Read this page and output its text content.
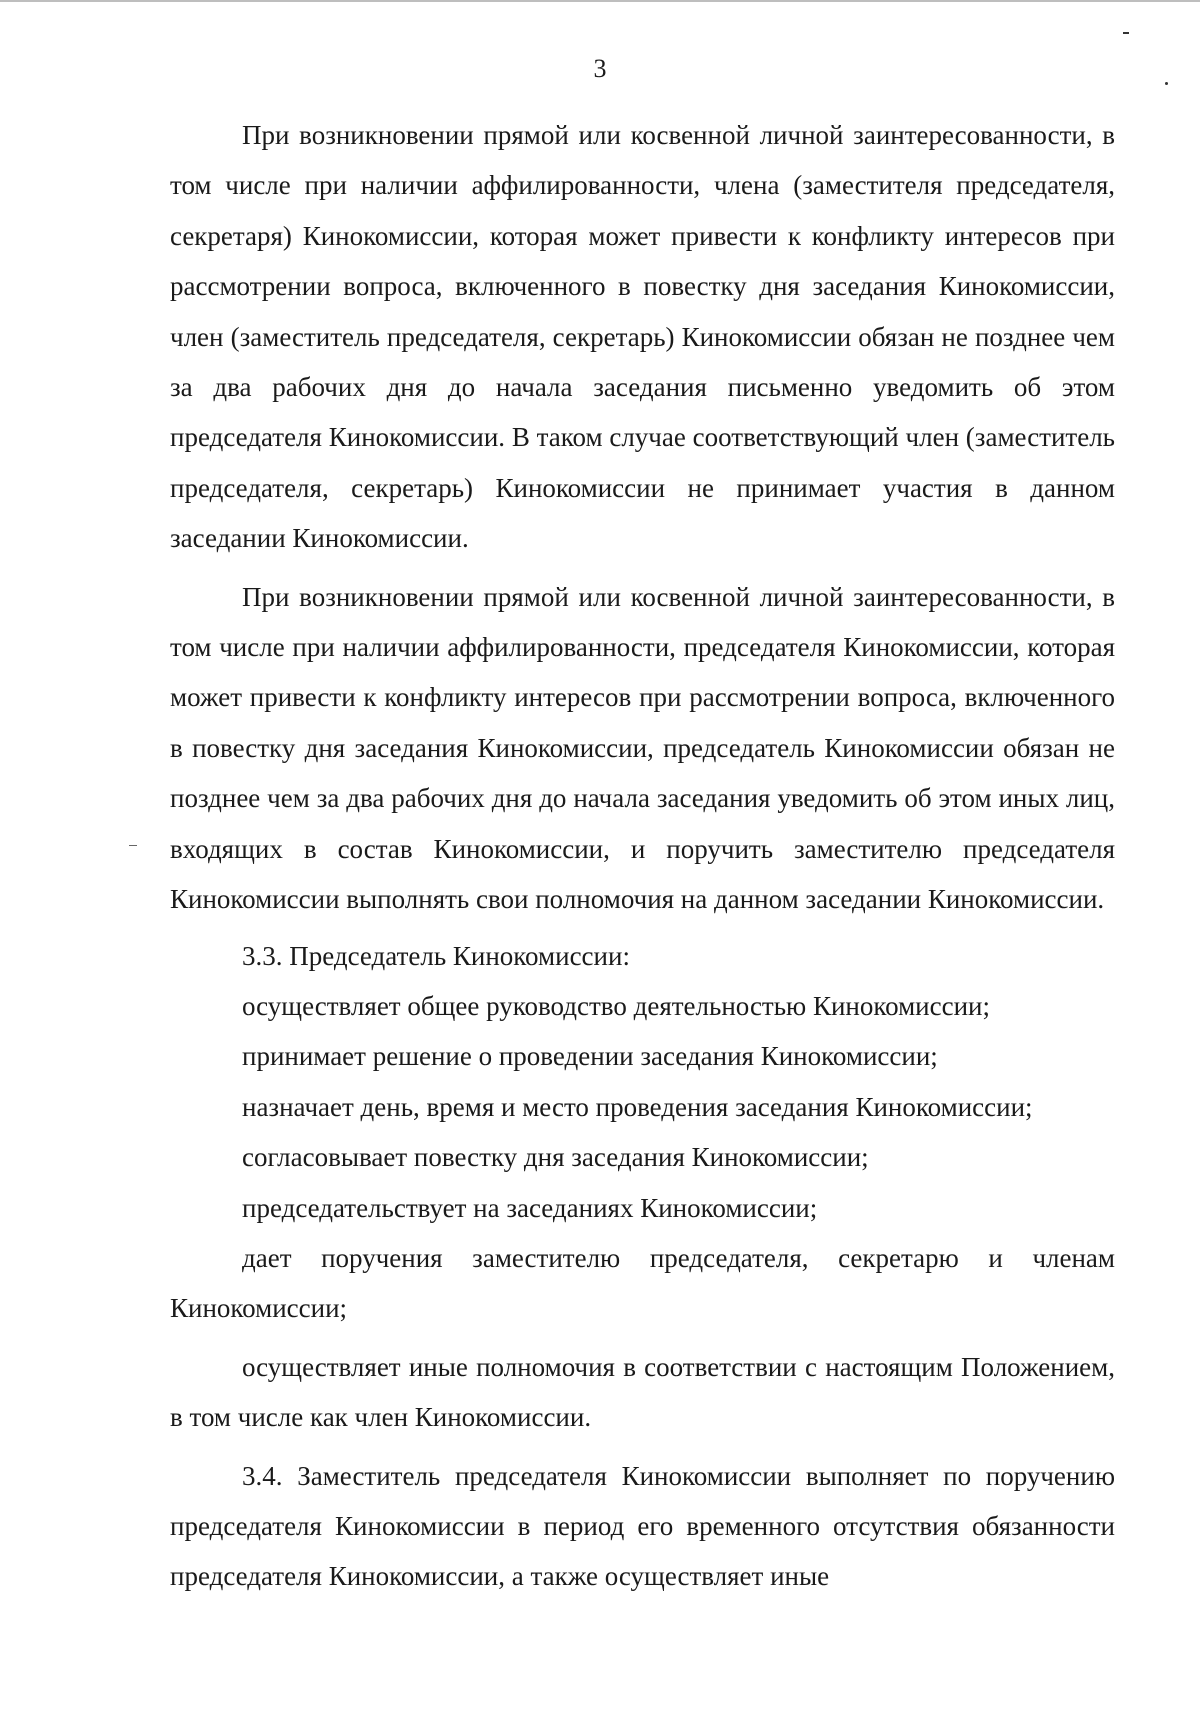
3

При возникновении прямой или косвенной личной заинтересованности, в том числе при наличии аффилированности, члена (заместителя председателя, секретаря) Кинокомиссии, которая может привести к конфликту интересов при рассмотрении вопроса, включенного в повестку дня заседания Кинокомиссии, член (заместитель председателя, секретарь) Кинокомиссии обязан не позднее чем за два рабочих дня до начала заседания письменно уведомить об этом председателя Кинокомиссии. В таком случае соответствующий член (заместитель председателя, секретарь) Кинокомиссии не принимает участия в данном заседании Кинокомиссии.

При возникновении прямой или косвенной личной заинтересованности, в том числе при наличии аффилированности, председателя Кинокомиссии, которая может привести к конфликту интересов при рассмотрении вопроса, включенного в повестку дня заседания Кинокомиссии, председатель Кинокомиссии обязан не позднее чем за два рабочих дня до начала заседания уведомить об этом иных лиц, входящих в состав Кинокомиссии, и поручить заместителю председателя Кинокомиссии выполнять свои полномочия на данном заседании Кинокомиссии.

3.3. Председатель Кинокомиссии:

осуществляет общее руководство деятельностью Кинокомиссии;
принимает решение о проведении заседания Кинокомиссии;
назначает день, время и место проведения заседания Кинокомиссии;
согласовывает повестку дня заседания Кинокомиссии;
председательствует на заседаниях Кинокомиссии;
дает поручения заместителю председателя, секретарю и членам Кинокомиссии;
осуществляет иные полномочия в соответствии с настоящим Положением, в том числе как член Кинокомиссии.

3.4. Заместитель председателя Кинокомиссии выполняет по поручению председателя Кинокомиссии в период его временного отсутствия обязанности председателя Кинокомиссии, а также осуществляет иные
